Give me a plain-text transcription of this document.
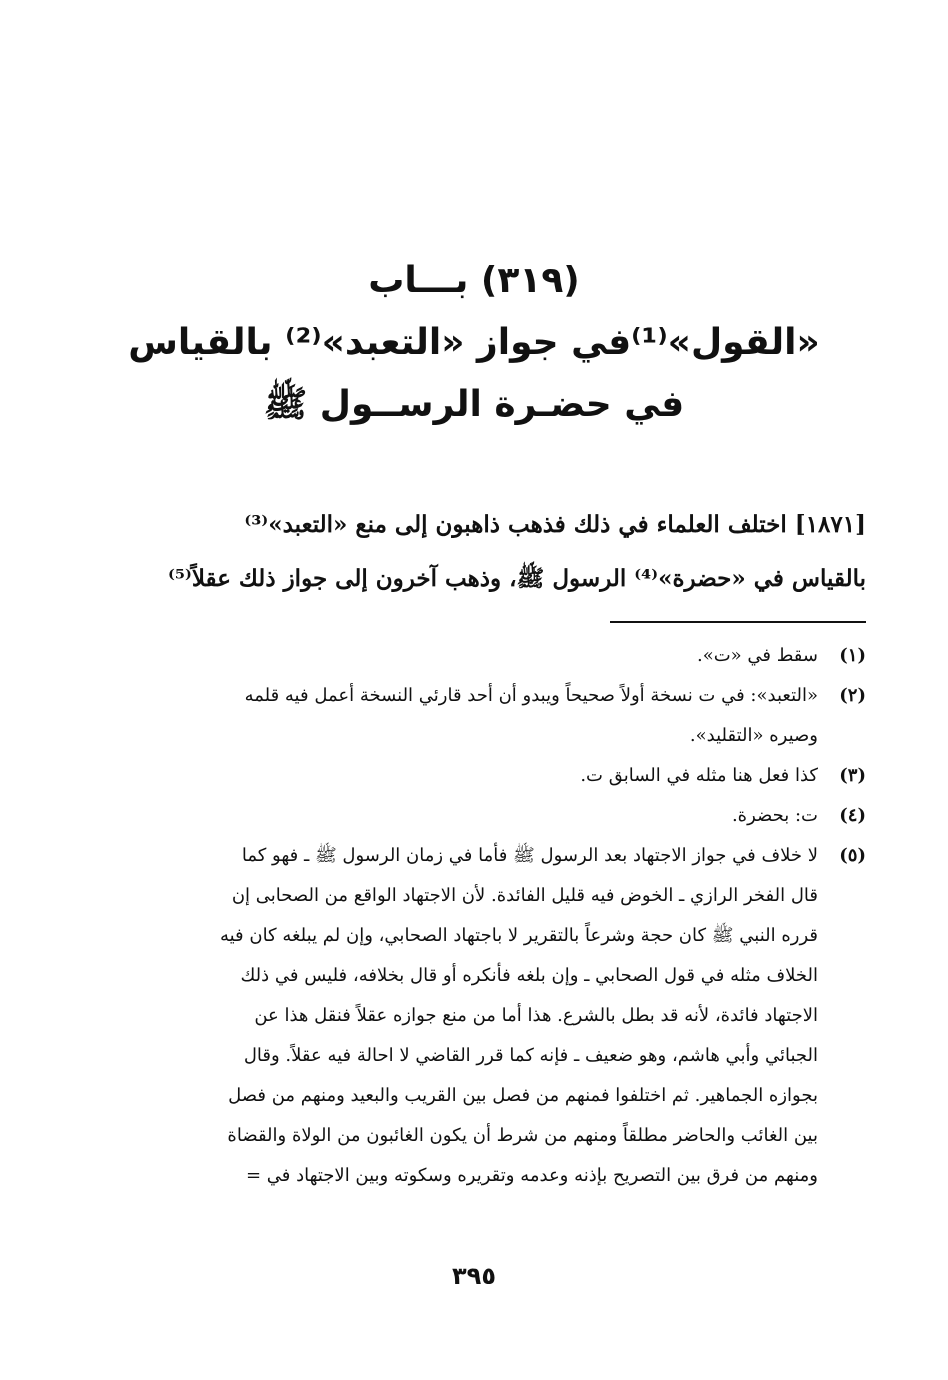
(٣١٩) بـــاب
«القول»⁽¹⁾في جواز «التعبد»⁽²⁾ بالقياس
في حضـرة الرســول ﷺ
[١٨٧١] اختلف العلماء في ذلك فذهب ذاهبون إلى منع «التعبد»⁽³⁾
بالقياس في «حضرة»⁽⁴⁾ الرسول ﷺ، وذهب آخرون إلى جواز ذلك عقلاً⁽⁵⁾
(١)
سقط في «ت».
(٢)
«التعبد»: في ت نسخة أولاً صحيحاً ويبدو أن أحد قارئي النسخة أعمل فيه قلمه
وصيره «التقليد».
(٣)
كذا فعل هنا مثله في السابق ت.
(٤)
ت: بحضرة.
(٥)
لا خلاف في جواز الاجتهاد بعد الرسول ﷺ فأما في زمان الرسول ﷺ ـ فهو كما
قال الفخر الرازي ـ الخوض فيه قليل الفائدة. لأن الاجتهاد الواقع من الصحابى إن
قرره النبي ﷺ كان حجة وشرعاً بالتقرير لا باجتهاد الصحابي، وإن لم يبلغه كان فيه
الخلاف مثله في قول الصحابي ـ وإن بلغه فأنكره أو قال بخلافه، فليس في ذلك
الاجتهاد فائدة، لأنه قد بطل بالشرع. هذا أما من منع جوازه عقلاً فنقل هذا عن
الجبائي وأبي هاشم، وهو ضعيف ـ فإنه كما قرر القاضي لا احالة فيه عقلاً. وقال
بجوازه الجماهير. ثم اختلفوا فمنهم من فصل بين القريب والبعيد ومنهم من فصل
بين الغائب والحاضر مطلقاً ومنهم من شرط أن يكون الغائبون من الولاة والقضاة
ومنهم من فرق بين التصريح بإذنه وعدمه وتقريره وسكوته وبين الاجتهاد في =
٣٩٥
